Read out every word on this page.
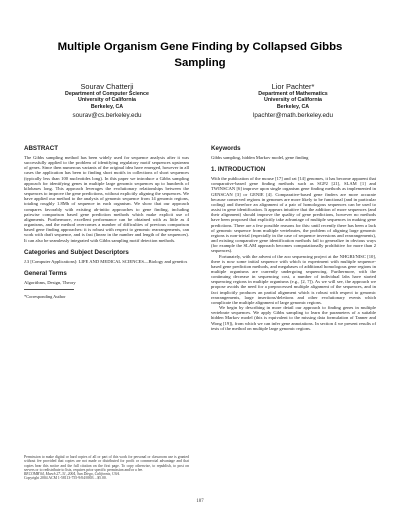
Multiple Organism Gene Finding by Collapsed Gibbs Sampling
Sourav Chatterji
Department of Computer Science
University of California
Berkeley, CA
sourav@cs.berkeley.edu
Lior Pachter*
Department of Mathematics
University of California
Berkeley, CA
lpachter@math.berkeley.edu
ABSTRACT

The Gibbs sampling method has been widely used for sequence analysis after it was successfully applied to the problem of identifying regulatory motif sequences upstream of genes. Since then numerous variants of the original idea have emerged, however in all cases the application has been to finding short motifs in collections of short sequences (typically less than 100 nucleotides long). In this paper we introduce a Gibbs sampling approach for identifying genes in multiple large genomic sequences up to hundreds of kilobases long. This approach leverages the evolutionary relationships between the sequences to improve the gene predictions, without explicitly aligning the sequences. We have applied our method to the analysis of genomic sequence from 14 genomic regions, totaling roughly 1.8Mb of sequence in each organism. We show that our approach compares favorably with existing ab-initio approaches to gene finding, including pairwise comparison based gene prediction methods which make explicit use of alignments. Furthermore, excellent performance can be obtained with as little as 4 organisms, and the method overcomes a number of difficulties of previous comparison based gene finding approaches: it is robust with respect to genomic rearrangements, can work with draft sequence, and is fast (linear in the number and length of the sequences). It can also be seamlessly integrated with Gibbs sampling motif detection methods.

Categories and Subject Descriptors
J.3 [Computer Applications]: LIFE AND MEDICAL SCIENCES—Biology and genetics
General Terms
Algorithms, Design, Theory
*Corresponding Author
Permission to make digital or hard copies of all or part of this work for personal or classroom use is granted without fee provided that copies are not made or distributed for profit or commercial advantage and that copies bear this notice and the full citation on the first page. To copy otherwise, to republish, to post on servers or to redistribute to lists, requires prior specific permission and/or a fee.
RECOMB'04, March 27–31, 2004, San Diego, California, USA.
Copyright 2004 ACM 1-58113-755-9/04/0003 ...$5.00.
Keywords
Gibbs sampling, hidden Markov model, gene finding
1. INTRODUCTION

With the publication of the mouse [17] and rat [14] genomes, it has become apparent that comparative-based gene finding methods such as SGP2 [21], SLAM [1] and TWINSCAN [6] improve upon single organism gene finding methods as implemented in GENSCAN [3] or GENIE [4]. Comparative-based gene finders are more accurate because conserved regions in genomes are more likely to be functional (and in particular coding) and therefore an alignment of a pair of homologous sequences can be used to assist in gene identification. It appears intuitive that the addition of more sequences (and their alignment) should improve the quality of gene predictions, however no methods have been proposed that explicitly take advantage of multiple sequences in making gene predictions. There are a few possible reasons for this: until recently there has been a lack of genomic sequence from multiple vertebrates, the problem of aligning large genomic regions is non-trivial (especially in the case of sequence inversions and rearrangements), and existing comparative gene identification methods fail to generalize in obvious ways (for example the SLAM approach becomes computationally prohibitive for more than 2 sequences).

Fortunately, with the advent of the zoo sequencing project at the NHGRI/NISC [10], there is now some initial sequence with which to experiment with multiple sequence-based gene prediction methods, and megabases of additional homologous gene regions in multiple organisms are currently undergoing sequencing. Furthermore, with the continuing decrease in sequencing cost, a number of individual labs have started sequencing regions in multiple organisms (e.g., [2, 7]). As we will see, the approach we propose avoids the need for a preprocessed multiple alignment of the sequences, and in fact implicitly produces an partial alignment which is robust with respect to genomic rearrangements, large insertions/deletions and other evolutionary events which complicate the multiple alignment of large genomic regions.

We begin by describing in more detail our approach to finding genes in multiple vertebrate sequences. We apply Gibbs sampling to learn the parameters of a suitable hidden Markov model (this is equivalent to the missing data formulation of Tanner and Wong [19]), from which we can infer gene annotations. In section 4 we present results of tests of the method on multiple large genomic regions.

187
